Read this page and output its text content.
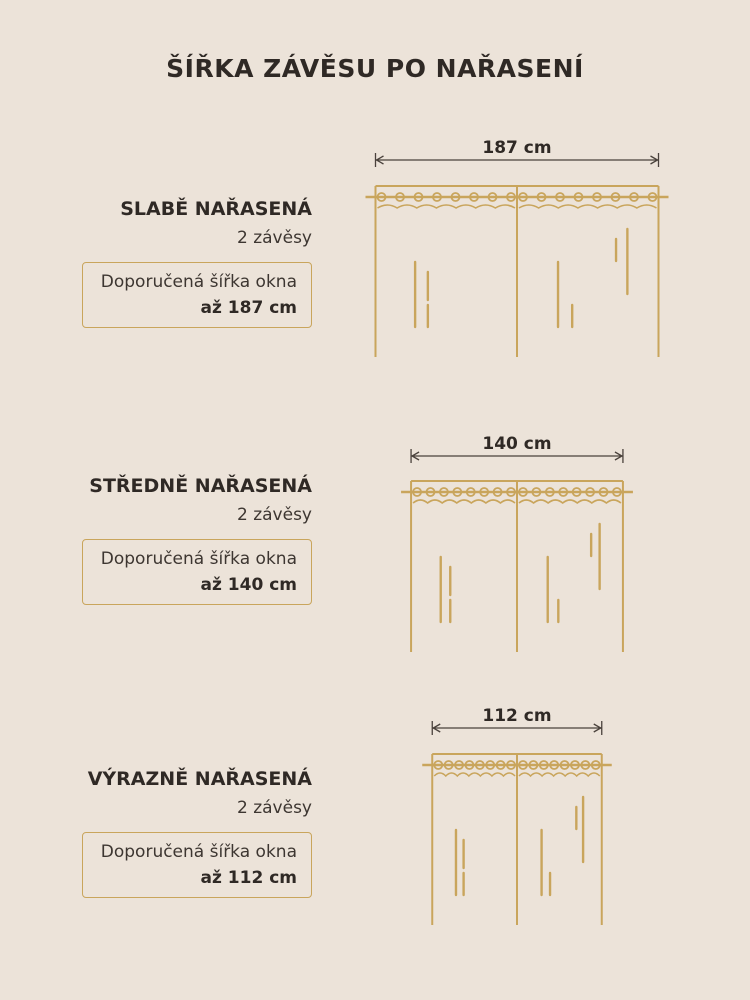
ŠÍŘKA ZÁVĚSU PO NAŘASENÍ

SLABĚ NAŘASENÁ

2 závěsy

Doporučená šířka okna
až 187 cm

STŘEDNĚ NAŘASENÁ

2 závěsy

Doporučená šířka okna
až 140 cm

VÝRAZNĚ NAŘASENÁ

2 závěsy

Doporučená šířka okna
až 112 cm
187 cm
140 cm
112 cm
